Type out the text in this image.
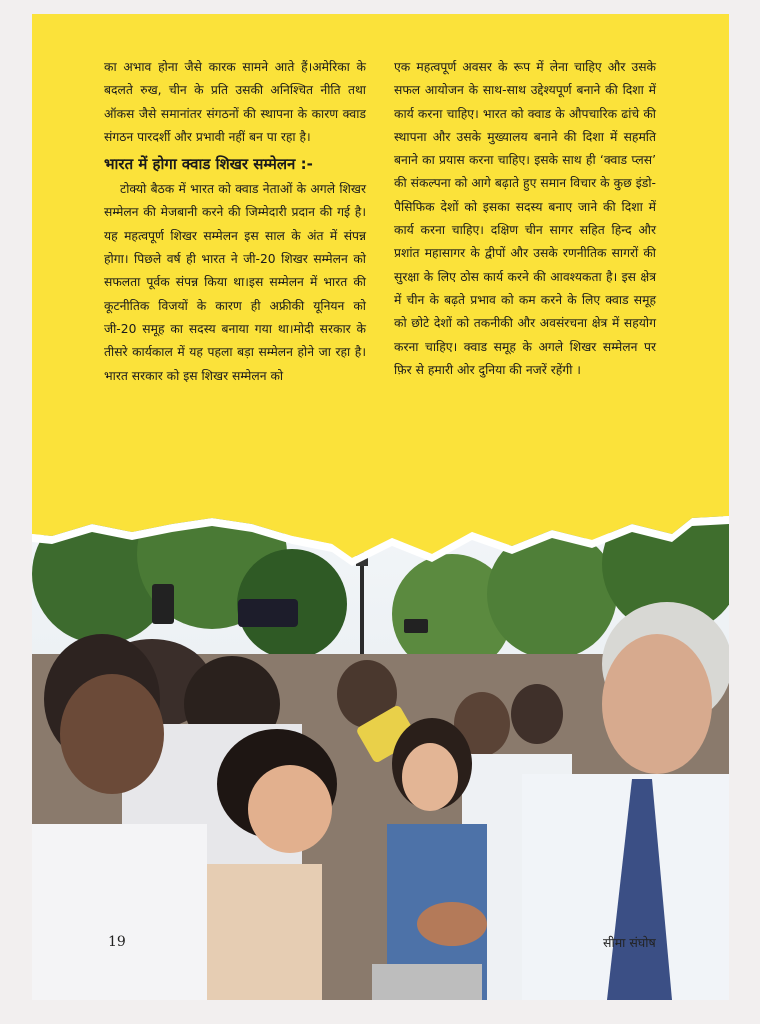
का अभाव होना जैसे कारक सामने आते हैं।अमेरिका के बदलते रुख, चीन के प्रति उसकी अनिश्चित नीति तथा ऑकस जैसे समानांतर संगठनों की स्थापना के कारण क्वाड संगठन पारदर्शी और प्रभावी नहीं बन पा रहा है।

भारत में होगा क्वाड शिखर सम्मेलन :-

टोक्यो बैठक में भारत को क्वाड नेताओं के अगले शिखर सम्मेलन की मेजबानी करने की जिम्मेदारी प्रदान की गई है। यह महत्वपूर्ण शिखर सम्मेलन इस साल के अंत में संपन्न होगा। पिछले वर्ष ही भारत ने जी-20 शिखर सम्मेलन को सफलता पूर्वक संपन्न किया था।इस सम्मेलन में भारत की कूटनीतिक विजयों के कारण ही अफ्रीकी यूनियन को जी-20 समूह का सदस्य बनाया गया था।मोदी सरकार के तीसरे कार्यकाल में यह पहला बड़ा सम्मेलन होने जा रहा है।भारत सरकार को इस शिखर सम्मेलन को

एक महत्वपूर्ण अवसर के रूप में लेना चाहिए और उसके सफल आयोजन के साथ-साथ उद्देश्यपूर्ण बनाने की दिशा में कार्य करना चाहिए। भारत को क्वाड के औपचारिक ढांचे की स्थापना और उसके मुख्यालय बनाने की दिशा में सहमति बनाने का प्रयास करना चाहिए। इसके साथ ही ‘क्वाड प्लस’ की संकल्पना को आगे बढ़ाते हुए समान विचार के कुछ इंडो-पैसिफिक देशों को इसका सदस्य बनाए जाने की दिशा में कार्य करना चाहिए। दक्षिण चीन सागर सहित हिन्द और प्रशांत महासागर के द्वीपों और उसके रणनीतिक सागरों की सुरक्षा के लिए ठोस कार्य करने की आवश्यकता है। इस क्षेत्र में चीन के बढ़ते प्रभाव को कम करने के लिए क्वाड समूह को छोटे देशों को तकनीकी और अवसंरचना क्षेत्र में सहयोग करना चाहिए। क्वाड समूह के अगले शिखर सम्मेलन पर फ़िर से हमारी ओर दुनिया की नजरें रहेंगी ।

19	सीमा संघोष
